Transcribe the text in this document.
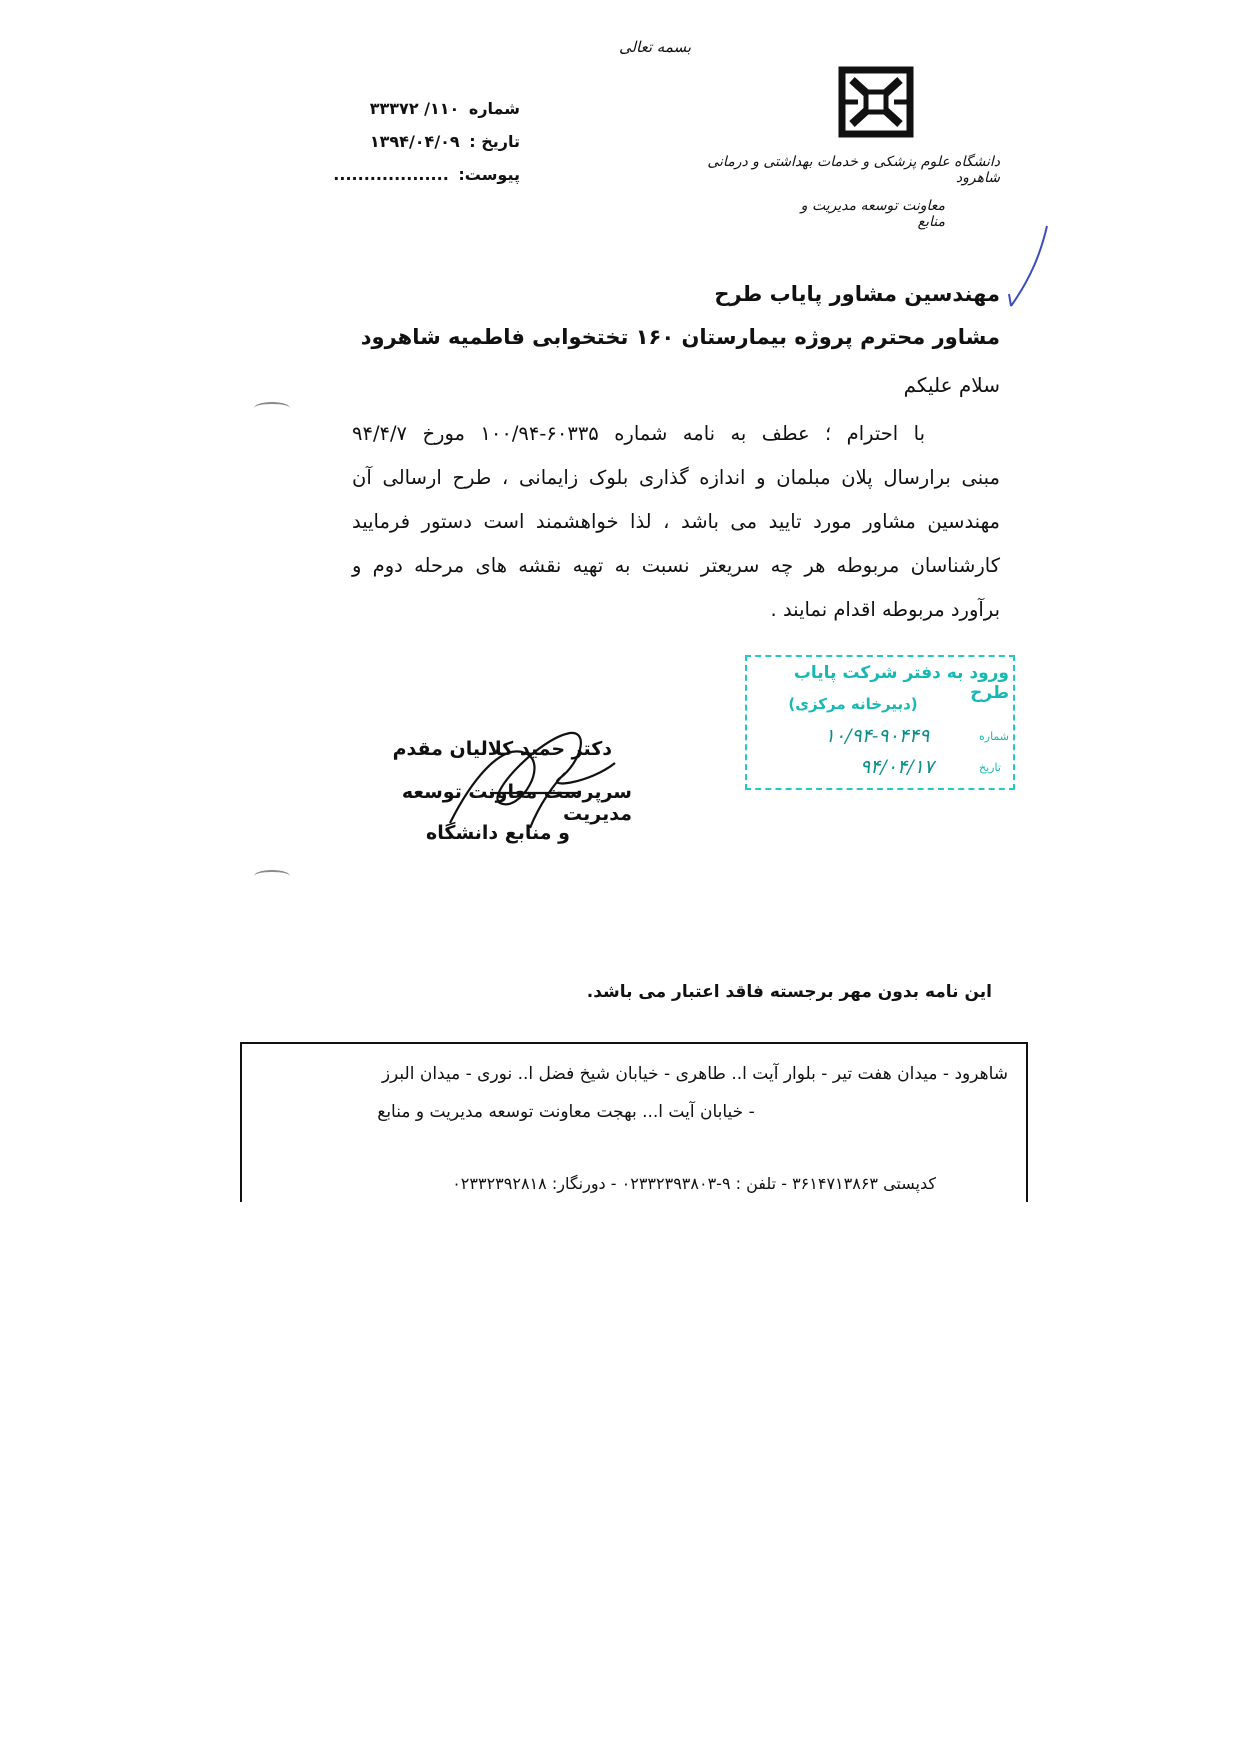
بسمه تعالی
شماره ۱۱۰/ ۳۳۳۷۲
تاریخ : ۱۳۹۴/۰۴/۰۹
پیوست: ...................
دانشگاه علوم پزشکی و خدمات بهداشتی و درمانی شاهرود
معاونت توسعه مدیریت و منابع
مهندسین مشاور پایاب طرح
مشاور محترم پروژه بیمارستان ۱۶۰ تختخوابی فاطمیه شاهرود
سلام علیکم
با احترام ؛ عطف به نامه شماره ۶۰۳۳۵-۱۰۰/۹۴ مورخ ۹۴/۴/۷
مبنی برارسال پلان مبلمان و اندازه گذاری بلوک زایمانی ، طرح ارسالی آن
مهندسین مشاور مورد تایید می باشد ، لذا خواهشمند است دستور فرمایید
کارشناسان مربوطه هر چه سریعتر نسبت به تهیه نقشه های مرحله دوم و
برآورد مربوطه اقدام نمایند .
ورود به دفتر شرکت پایاب طرح
(دبیرخانه مرکزی)
شماره
۱۰/۹۴-۹۰۴۴۹
تاریخ
۹۴/۰۴/۱۷
دکتر حمید کلالیان مقدم
سرپرست معاونت توسعه مدیریت
و منابع دانشگاه
این نامه بدون مهر برجسته فاقد اعتبار می باشد.
شاهرود - میدان هفت تیر - بلوار آیت ا.. طاهری - خیابان شیخ فضل ا.. نوری - میدان البرز
- خیابان آیت ا... بهجت معاونت توسعه مدیریت و منابع
کدپستی ۳۶۱۴۷۱۳۸۶۳ - تلفن : ۹-۰۲۳۳۲۳۹۳۸۰۳ - دورنگار: ۰۲۳۳۲۳۹۲۸۱۸
